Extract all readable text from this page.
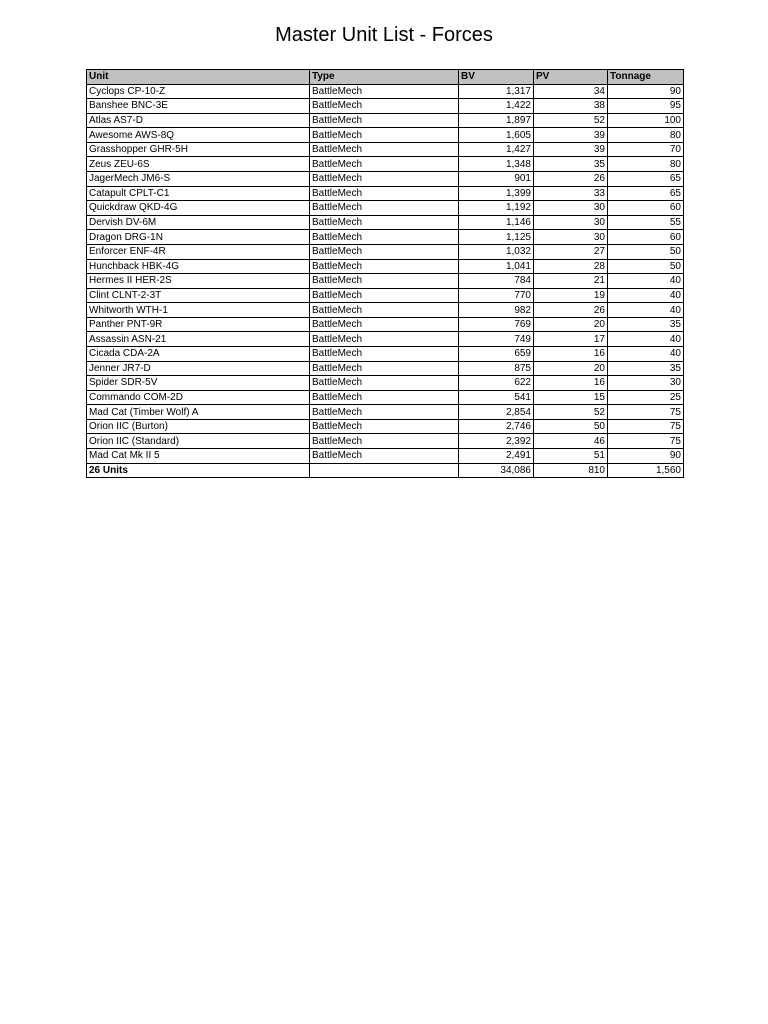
Master Unit List - Forces
Unit	Type	BV	PV	Tonnage
Cyclops CP-10-Z	BattleMech	1,317	34	90
Banshee BNC-3E	BattleMech	1,422	38	95
Atlas AS7-D	BattleMech	1,897	52	100
Awesome AWS-8Q	BattleMech	1,605	39	80
Grasshopper GHR-5H	BattleMech	1,427	39	70
Zeus ZEU-6S	BattleMech	1,348	35	80
JagerMech JM6-S	BattleMech	901	26	65
Catapult CPLT-C1	BattleMech	1,399	33	65
Quickdraw QKD-4G	BattleMech	1,192	30	60
Dervish DV-6M	BattleMech	1,146	30	55
Dragon DRG-1N	BattleMech	1,125	30	60
Enforcer ENF-4R	BattleMech	1,032	27	50
Hunchback HBK-4G	BattleMech	1,041	28	50
Hermes II HER-2S	BattleMech	784	21	40
Clint CLNT-2-3T	BattleMech	770	19	40
Whitworth WTH-1	BattleMech	982	26	40
Panther PNT-9R	BattleMech	769	20	35
Assassin ASN-21	BattleMech	749	17	40
Cicada CDA-2A	BattleMech	659	16	40
Jenner JR7-D	BattleMech	875	20	35
Spider SDR-5V	BattleMech	622	16	30
Commando COM-2D	BattleMech	541	15	25
Mad Cat (Timber Wolf) A	BattleMech	2,854	52	75
Orion IIC (Burton)	BattleMech	2,746	50	75
Orion IIC (Standard)	BattleMech	2,392	46	75
Mad Cat Mk II 5	BattleMech	2,491	51	90
26 Units		34,086	810	1,560
